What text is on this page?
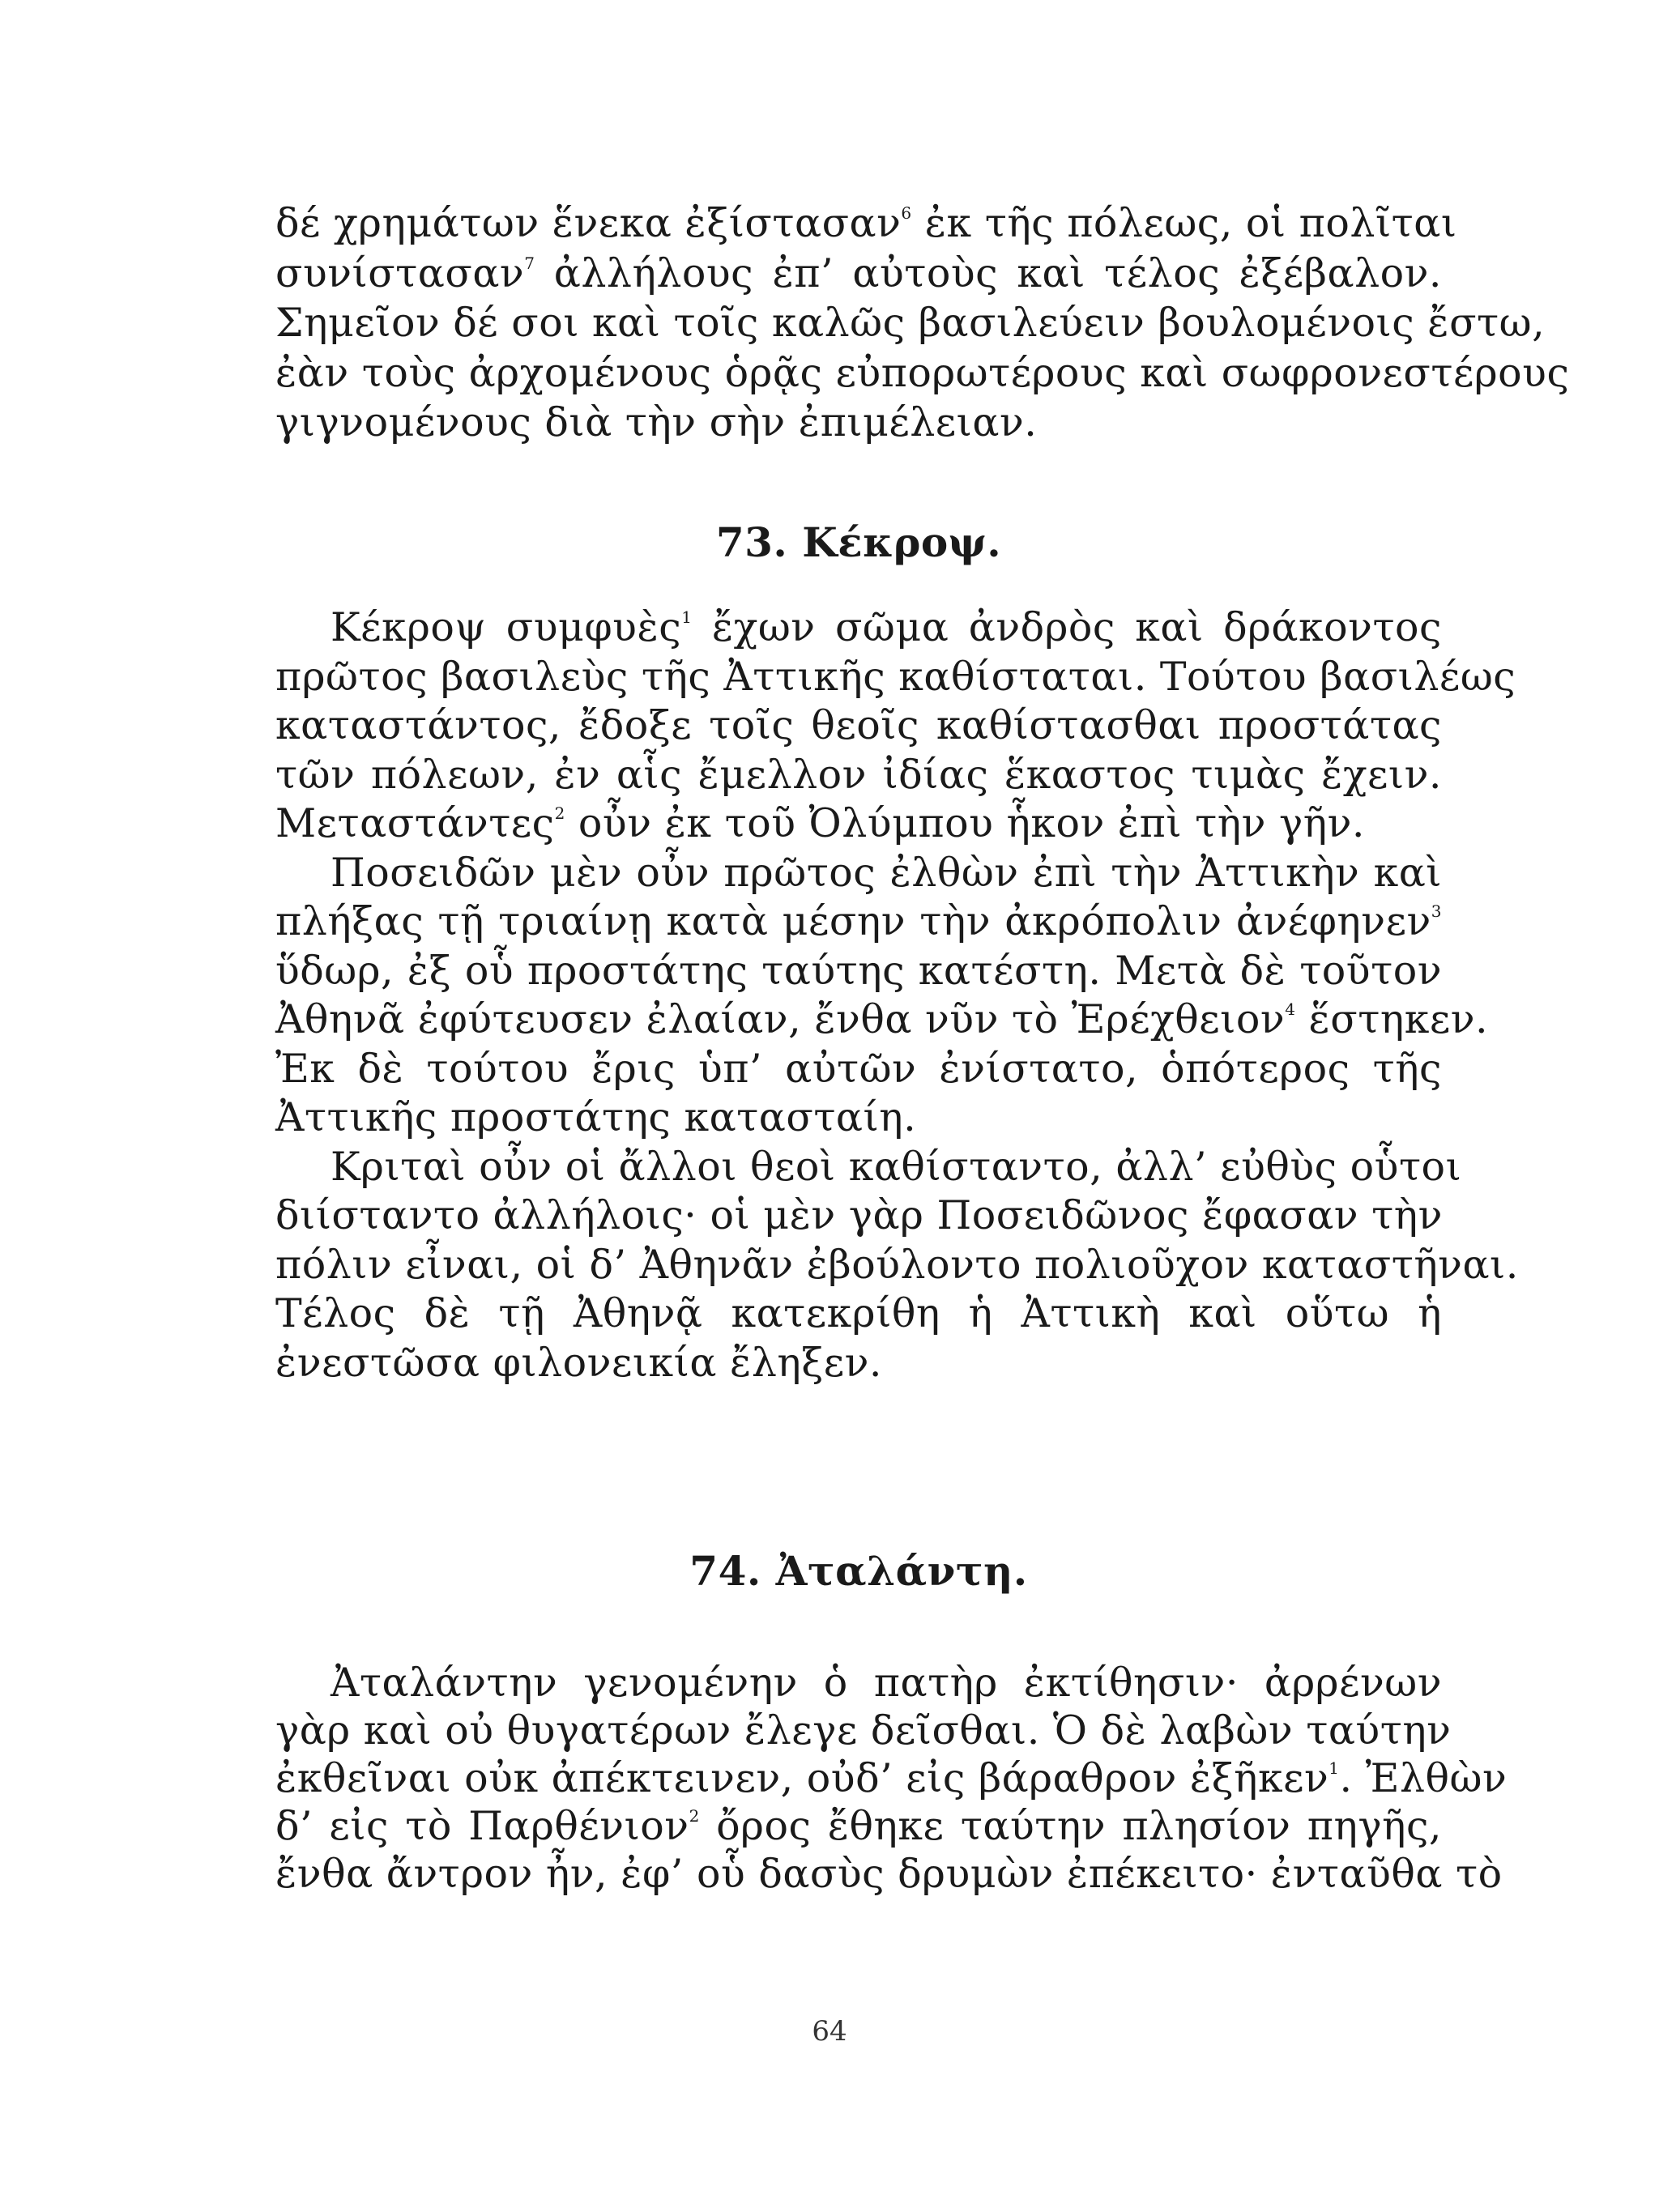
δέ χρημάτων ἕνεκα ἐξίστασαν$^6$ ἐκ τῆς πόλεως, οἱ πολῖται
συνίστασαν$^7$ ἀλλήλους ἐπ’ αὐτοὺς καὶ τέλος ἐξέβαλον.
Σημεῖον δέ σοι καὶ τοῖς καλῶς βασιλεύειν βουλομένοις ἔστω,
ἐὰν τοὺς ἀρχομένους ὁρᾷς εὐπορωτέρους καὶ σωφρονεστέρους
γιγνομένους διὰ τὴν σὴν ἐπιμέλειαν.
73. Κέκροψ.
Κέκροψ συμφυὲς$^1$ ἔχων σῶμα ἀνδρὸς καὶ δράκοντος
πρῶτος βασιλεὺς τῆς Ἀττικῆς καθίσταται. Τούτου βασιλέως
καταστάντος, ἔδοξε τοῖς θεοῖς καθίστασθαι προστάτας
τῶν πόλεων, ἐν αἷς ἔμελλον ἰδίας ἕκαστος τιμὰς ἔχειν.
Μεταστάντες$^2$ οὖν ἐκ τοῦ Ὀλύμπου ἧκον ἐπὶ τὴν γῆν.
Ποσειδῶν μὲν οὖν πρῶτος ἐλθὼν ἐπὶ τὴν Ἀττικὴν καὶ
πλήξας τῇ τριαίνῃ κατὰ μέσην τὴν ἀκρόπολιν ἀνέφηνεν$^3$
ὕδωρ, ἐξ οὗ προστάτης ταύτης κατέστη. Μετὰ δὲ τοῦτον
Ἀθηνᾶ ἐφύτευσεν ἐλαίαν, ἔνθα νῦν τὸ Ἐρέχθειον$^4$ ἕστηκεν.
Ἐκ δὲ τούτου ἔρις ὑπ’ αὐτῶν ἐνίστατο, ὁπότερος τῆς
Ἀττικῆς προστάτης κατασταίη.
Κριταὶ οὖν οἱ ἄλλοι θεοὶ καθίσταντο, ἀλλ’ εὐθὺς οὗτοι
διίσταντο ἀλλήλοις· οἱ μὲν γὰρ Ποσειδῶνος ἔφασαν τὴν
πόλιν εἶναι, οἱ δ’ Ἀθηνᾶν ἐβούλοντο πολιοῦχον καταστῆναι.
Τέλος δὲ τῇ Ἀθηνᾷ κατεκρίθη ἡ Ἀττικὴ καὶ οὕτω ἡ
ἐνεστῶσα φιλονεικία ἔληξεν.
74. Ἀταλάντη.
Ἀταλάντην γενομένην ὁ πατὴρ ἐκτίθησιν· ἀρρένων
γὰρ καὶ οὐ θυγατέρων ἔλεγε δεῖσθαι. Ὁ δὲ λαβὼν ταύτην
ἐκθεῖναι οὐκ ἀπέκτεινεν, οὐδ’ εἰς βάραθρον ἐξῆκεν$^1$. Ἐλθὼν
δ’ εἰς τὸ Παρθένιον$^2$ ὄρος ἔθηκε ταύτην πλησίον πηγῆς,
ἔνθα ἄντρον ἦν, ἐφ’ οὗ δασὺς δρυμὼν ἐπέκειτο· ἐνταῦθα τὸ
64
